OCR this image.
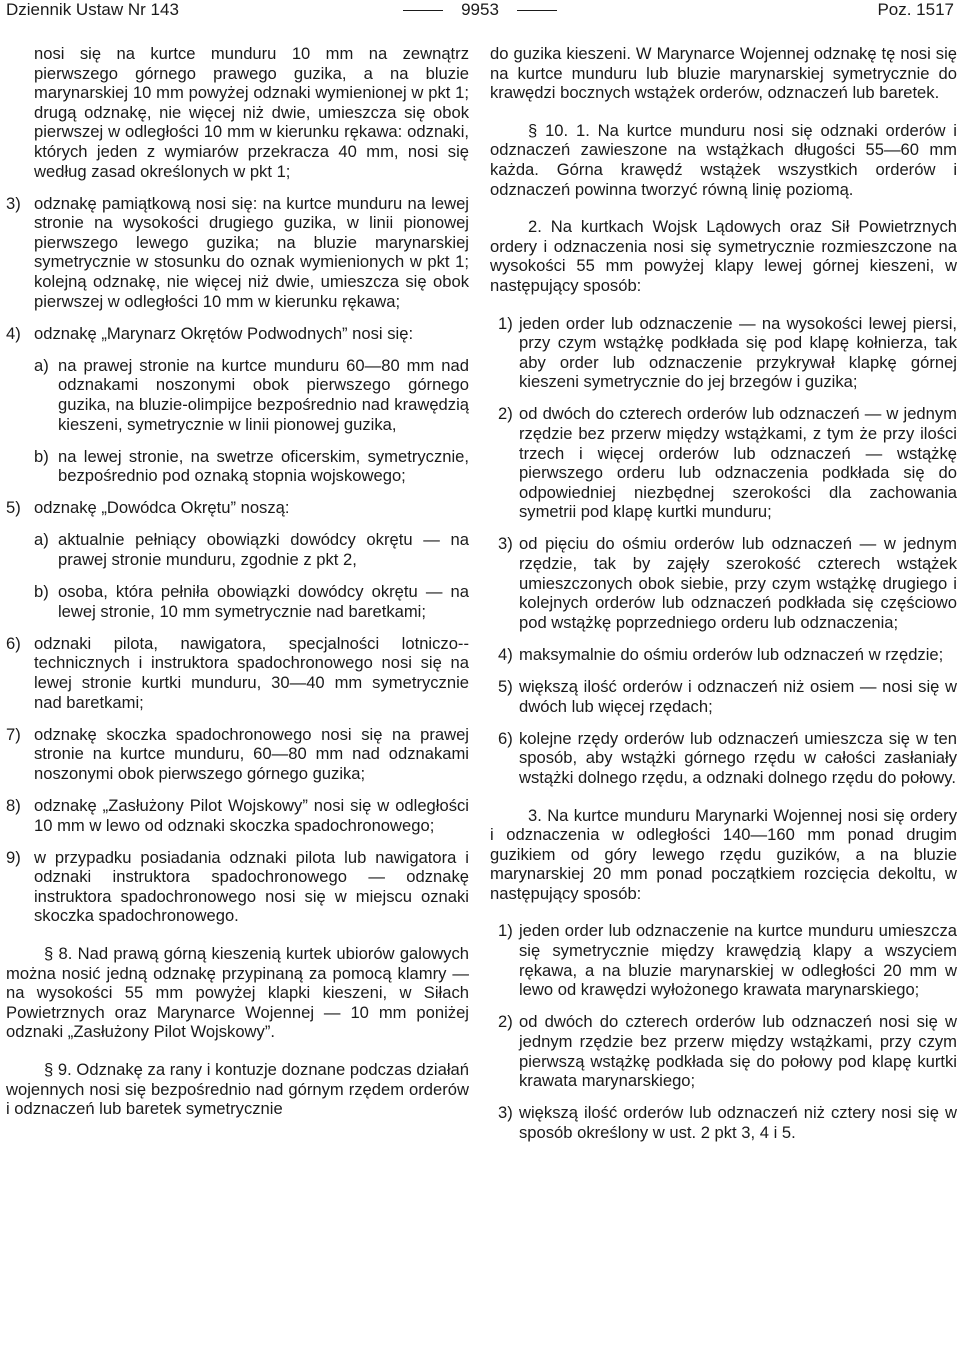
Dziennik Ustaw Nr 143	9953	Poz. 1517
nosi się na kurtce munduru 10 mm na zewnątrz pierwszego górnego prawego guzika, a na bluzie marynarskiej 10 mm powyżej odznaki wymienionej w pkt 1; drugą odznakę, nie więcej niż dwie, umieszcza się obok pierwszej w odległości 10 mm w kierunku rękawa: odznaki, których jeden z wymiarów przekracza 40 mm, nosi się według zasad określonych w pkt 1;
3) odznakę pamiątkową nosi się: na kurtce munduru na lewej stronie na wysokości drugiego guzika, w linii pionowej pierwszego lewego guzika; na bluzie marynarskiej symetrycznie w stosunku do oznak wymienionych w pkt 1; kolejną odznakę, nie więcej niż dwie, umieszcza się obok pierwszej w odległości 10 mm w kierunku rękawa;
4) odznakę „Marynarz Okrętów Podwodnych” nosi się:
a) na prawej stronie na kurtce munduru 60—80 mm nad odznakami noszonymi obok pierwszego górnego guzika, na bluzie-olimpijce bezpośrednio nad krawędzią kieszeni, symetrycznie w linii pionowej guzika,
b) na lewej stronie, na swetrze oficerskim, symetrycznie, bezpośrednio pod oznaką stopnia wojskowego;
5) odznakę „Dowódca Okrętu” noszą:
a) aktualnie pełniący obowiązki dowódcy okrętu — na prawej stronie munduru, zgodnie z pkt 2,
b) osoba, która pełniła obowiązki dowódcy okrętu — na lewej stronie, 10 mm symetrycznie nad baretkami;
6) odznaki pilota, nawigatora, specjalności lotniczo--technicznych i instruktora spadochronowego nosi się na lewej stronie kurtki munduru, 30—40 mm symetrycznie nad baretkami;
7) odznakę skoczka spadochronowego nosi się na prawej stronie na kurtce munduru, 60—80 mm nad odznakami noszonymi obok pierwszego górnego guzika;
8) odznakę „Zasłużony Pilot Wojskowy” nosi się w odległości 10 mm w lewo od odznaki skoczka spadochronowego;
9) w przypadku posiadania odznaki pilota lub nawigatora i odznaki instruktora spadochronowego — odznakę instruktora spadochronowego nosi się w miejscu oznaki skoczka spadochronowego.
§ 8. Nad prawą górną kieszenią kurtek ubiorów galowych można nosić jedną odznakę przypinaną za pomocą klamry — na wysokości 55 mm powyżej klapki kieszeni, w Siłach Powietrznych oraz Marynarce Wojennej — 10 mm poniżej odznaki „Zasłużony Pilot Wojskowy”.
§ 9. Odznakę za rany i kontuzje doznane podczas działań wojennych nosi się bezpośrednio nad górnym rzędem orderów i odznaczeń lub baretek symetrycznie
do guzika kieszeni. W Marynarce Wojennej odznakę tę nosi się na kurtce munduru lub bluzie marynarskiej symetrycznie do krawędzi bocznych wstążek orderów, odznaczeń lub baretek.
§ 10. 1. Na kurtce munduru nosi się odznaki orderów i odznaczeń zawieszone na wstążkach długości 55—60 mm każda. Górna krawędź wstążek wszystkich orderów i odznaczeń powinna tworzyć równą linię poziomą.
2. Na kurtkach Wojsk Lądowych oraz Sił Powietrznych ordery i odznaczenia nosi się symetrycznie rozmieszczone na wysokości 55 mm powyżej klapy lewej górnej kieszeni, w następujący sposób:
1) jeden order lub odznaczenie — na wysokości lewej piersi, przy czym wstążkę podkłada się pod klapę kołnierza, tak aby order lub odznaczenie przykrywał klapkę górnej kieszeni symetrycznie do jej brzegów i guzika;
2) od dwóch do czterech orderów lub odznaczeń — w jednym rzędzie bez przerw między wstążkami, z tym że przy ilości trzech i więcej orderów lub odznaczeń — wstążkę pierwszego orderu lub odznaczenia podkłada się do odpowiedniej niezbędnej szerokości dla zachowania symetrii pod klapę kurtki munduru;
3) od pięciu do ośmiu orderów lub odznaczeń — w jednym rzędzie, tak by zajęły szerokość czterech wstążek umieszczonych obok siebie, przy czym wstążkę drugiego i kolejnych orderów lub odznaczeń podkłada się częściowo pod wstążkę poprzedniego orderu lub odznaczenia;
4) maksymalnie do ośmiu orderów lub odznaczeń w rzędzie;
5) większą ilość orderów i odznaczeń niż osiem — nosi się w dwóch lub więcej rzędach;
6) kolejne rzędy orderów lub odznaczeń umieszcza się w ten sposób, aby wstążki górnego rzędu w całości zasłaniały wstążki dolnego rzędu, a odznaki dolnego rzędu do połowy.
3. Na kurtce munduru Marynarki Wojennej nosi się ordery i odznaczenia w odległości 140—160 mm ponad drugim guzikiem od góry lewego rzędu guzików, a na bluzie marynarskiej 20 mm ponad początkiem rozcięcia dekoltu, w następujący sposób:
1) jeden order lub odznaczenie na kurtce munduru umieszcza się symetrycznie między krawędzią klapy a wszyciem rękawa, a na bluzie marynarskiej w odległości 20 mm w lewo od krawędzi wyłożonego krawata marynarskiego;
2) od dwóch do czterech orderów lub odznaczeń nosi się w jednym rzędzie bez przerw między wstążkami, przy czym pierwszą wstążkę podkłada się do połowy pod klapę kurtki krawata marynarskiego;
3) większą ilość orderów lub odznaczeń niż cztery nosi się w sposób określony w ust. 2 pkt 3, 4 i 5.
